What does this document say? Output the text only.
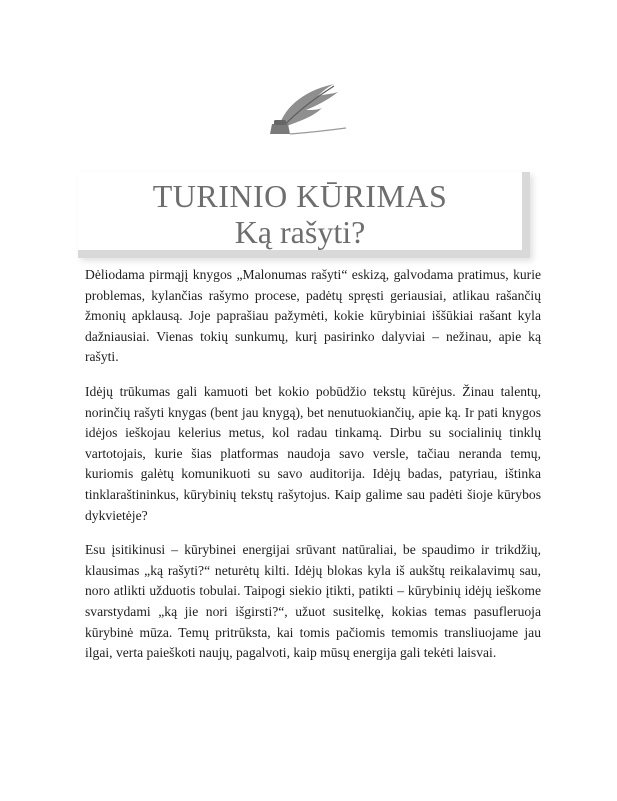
TURINIO KŪRIMAS
Ką rašyti?

Dėliodama pirmąjį knygos „Malonumas rašyti“ eskizą, galvodama pratimus, kurie problemas, kylančias rašymo procese, padėtų spręsti geriausiai, atlikau rašančių žmonių apklausą. Joje paprašiau pažymėti, kokie kūrybiniai iššūkiai rašant kyla dažniausiai. Vienas tokių sunkumų, kurį pasirinko dalyviai – nežinau, apie ką rašyti.

Idėjų trūkumas gali kamuoti bet kokio pobūdžio tekstų kūrėjus. Žinau talentų, norinčių rašyti knygas (bent jau knygą), bet nenutuokiančių, apie ką. Ir pati knygos idėjos ieškojau kelerius metus, kol radau tinkamą. Dirbu su socialinių tinklų vartotojais, kurie šias platformas naudoja savo versle, tačiau neranda temų, kuriomis galėtų komunikuoti su savo auditorija. Idėjų badas, patyriau, ištinka tinklaraštininkus, kūrybinių tekstų rašytojus. Kaip galime sau padėti šioje kūrybos dykvietėje?

Esu įsitikinusi – kūrybinei energijai srūvant natūraliai, be spaudimo ir trikdžių, klausimas „ką rašyti?“ neturėtų kilti. Idėjų blokas kyla iš aukštų reikalavimų sau, noro atlikti užduotis tobulai. Taipogi siekio įtikti, patikti – kūrybinių idėjų ieškome svarstydami „ką jie nori išgirsti?“, užuot susitelkę, kokias temas pasufleruoja kūrybinė mūza. Temų pritrūksta, kai tomis pačiomis temomis transliuojame jau ilgai, verta paieškoti naujų, pagalvoti, kaip mūsų energija gali tekėti laisvai.
